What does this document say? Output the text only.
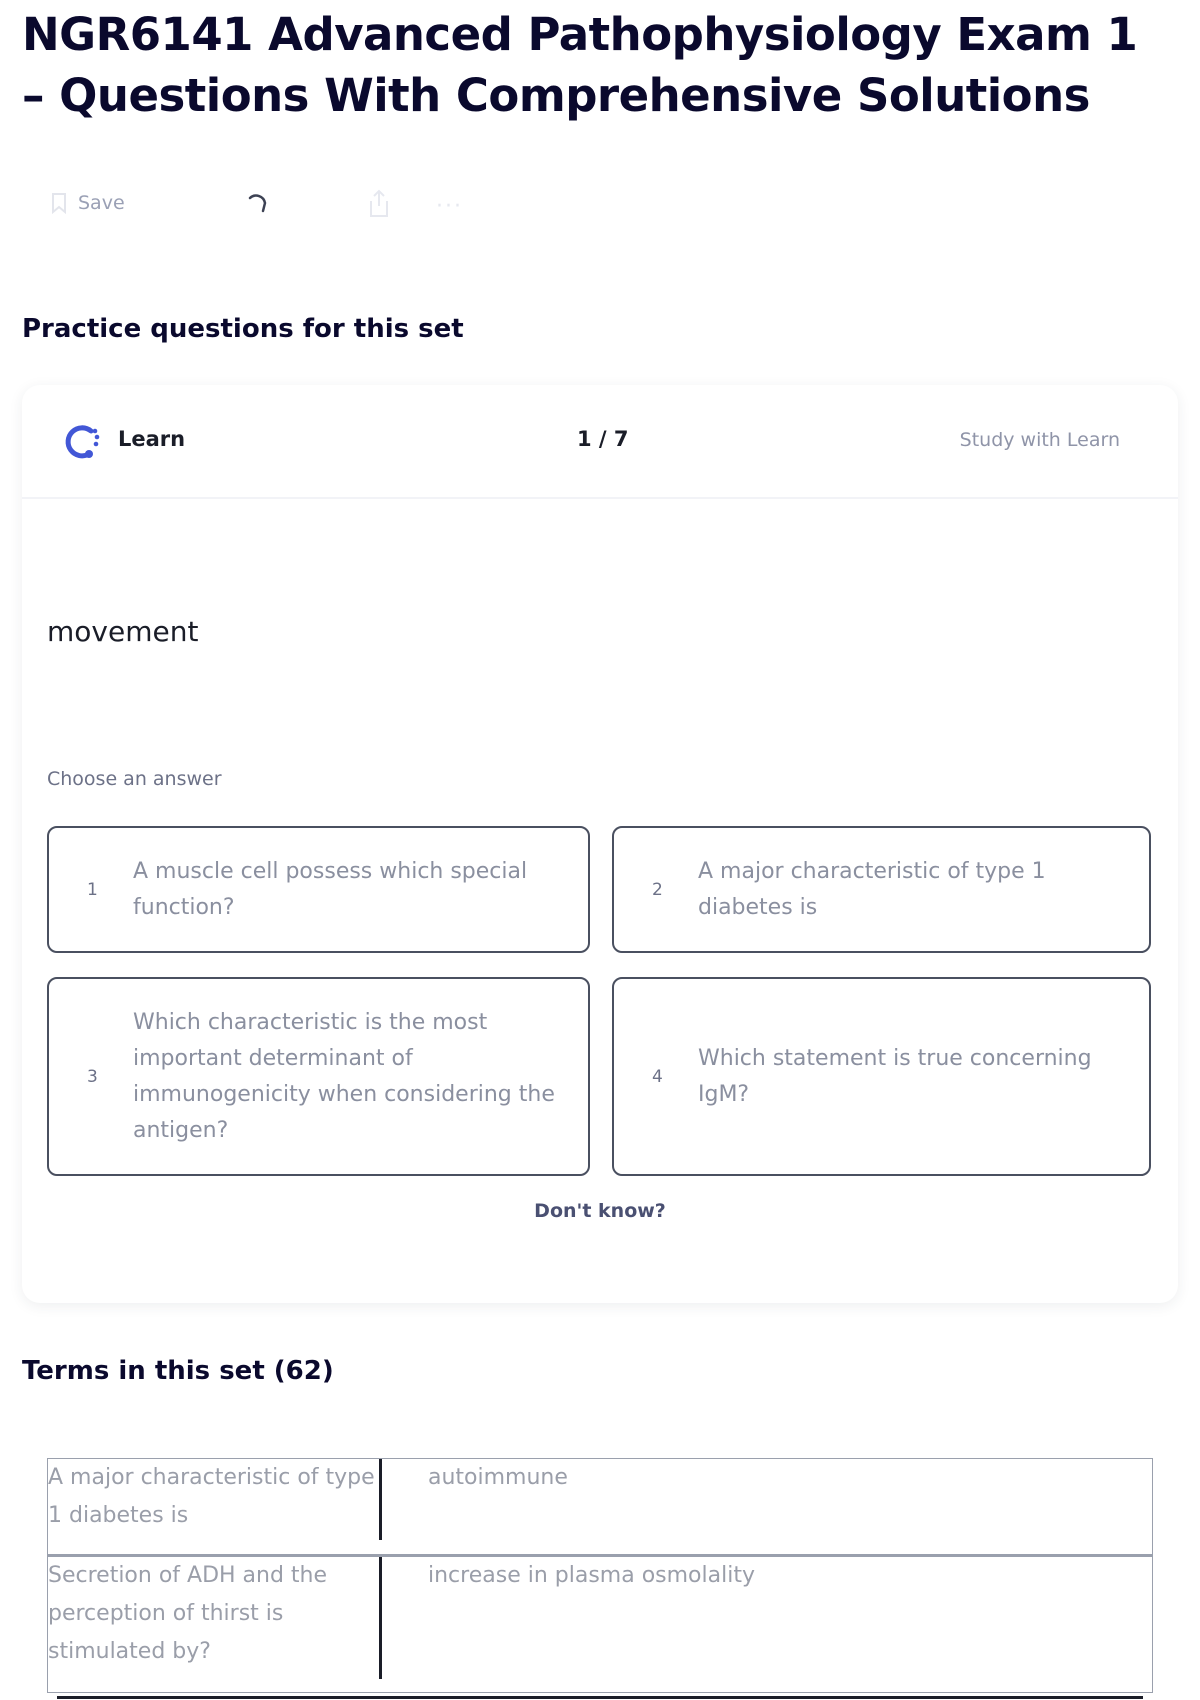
NGR6141 Advanced Pathophysiology Exam 1 – Questions With Comprehensive Solutions
Save	···
Practice questions for this set
Learn	1 / 7	Study with Learn
movement
Choose an answer
1
A muscle cell possess which special function?
2
A major characteristic of type 1 diabetes is
3
Which characteristic is the most important determinant of immunogenicity when considering the antigen?
4
Which statement is true concerning IgM?
Don't know?
Terms in this set (62)
A major characteristic of type 1 diabetes is
autoimmune
Secretion of ADH and the perception of thirst is stimulated by?
increase in plasma osmolality
